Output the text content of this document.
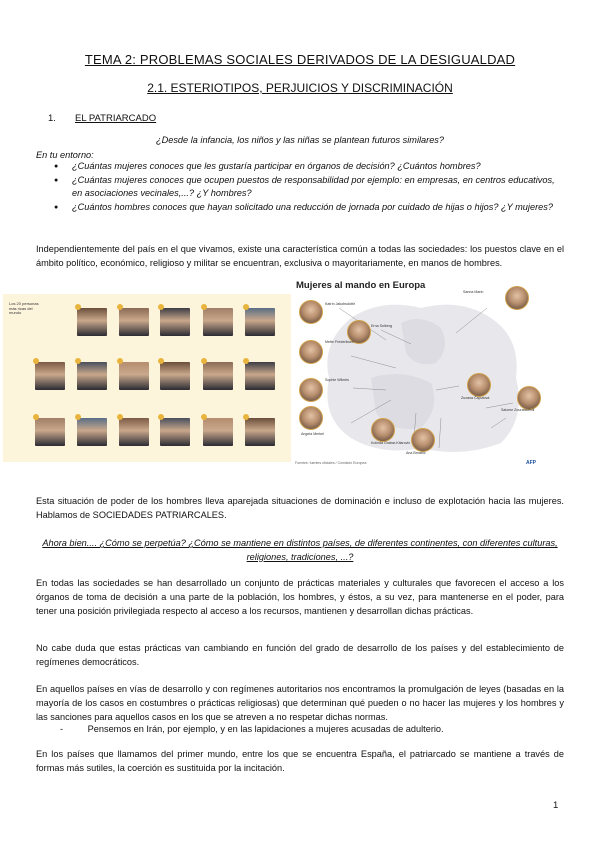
TEMA 2: PROBLEMAS SOCIALES DERIVADOS DE LA DESIGUALDAD
2.1. ESTERIOTIPOS, PERJUICIOS Y DISCRIMINACIÓN
1. EL PATRIARCADO
¿Desde la infancia, los niños y las niñas se plantean futuros similares?
En tu entorno:
● ¿Cuántas mujeres conoces que les gustaría participar en órganos de decisión? ¿Cuántos hombres?
● ¿Cuántas mujeres conoces que ocupen puestos de responsabilidad por ejemplo: en empresas, en centros educativos, en asociaciones vecinales,...? ¿Y hombres?
● ¿Cuántos hombres conoces que hayan solicitado una reducción de jornada por cuidado de hijas o hijos? ¿Y mujeres?
Independientemente del país en el que vivamos, existe una característica común a todas las sociedades: los puestos clave en el ámbito político, económico, religioso y militar se encuentran, exclusiva o mayoritariamente, en manos de hombres.
Los 20 personas más ricas del mundo
Mujeres al mando en Europa
Katrín Jakobsdóttir
Erna Solberg
Mette Frederiksen
Sophie Wilmès
Angela Merkel
Kolinda Grabar-Kitarović
Ana Brnabić
Zuzana Čaputová
Salome Zourabichvili
Sanna Marin
Fuentes: fuentes oficiales / Comisión Europea	AFP
Esta situación de poder de los hombres lleva aparejada situaciones de dominación e incluso de explotación hacia las mujeres. Hablamos de SOCIEDADES PATRIARCALES.
Ahora bien.... ¿Cómo se perpetúa? ¿Cómo se mantiene en distintos países, de diferentes continentes, con diferentes culturas, religiones, tradiciones, ...?
En todas las sociedades se han desarrollado un conjunto de prácticas materiales y culturales que favorecen el acceso a los órganos de toma de decisión a una parte de la población, los hombres, y éstos, a su vez, para mantenerse en el poder, para tener una posición privilegiada respecto al acceso a los recursos, mantienen y desarrollan dichas prácticas.
No cabe duda que estas prácticas van cambiando en función del grado de desarrollo de los países y del establecimiento de regímenes democráticos.
En aquellos países en vías de desarrollo y con regímenes autoritarios nos encontramos la promulgación de leyes (basadas en la mayoría de los casos en costumbres o prácticas religiosas) que determinan qué pueden o no hacer las mujeres y los hombres y las sanciones para aquellos casos en los que se atreven a no respetar dichas normas.
-	Pensemos en Irán, por ejemplo, y en las lapidaciones a mujeres acusadas de adulterio.
En los países que llamamos del primer mundo, entre los que se encuentra España, el patriarcado se mantiene a través de formas más sutiles, la coerción es sustituida por la incitación.
1
